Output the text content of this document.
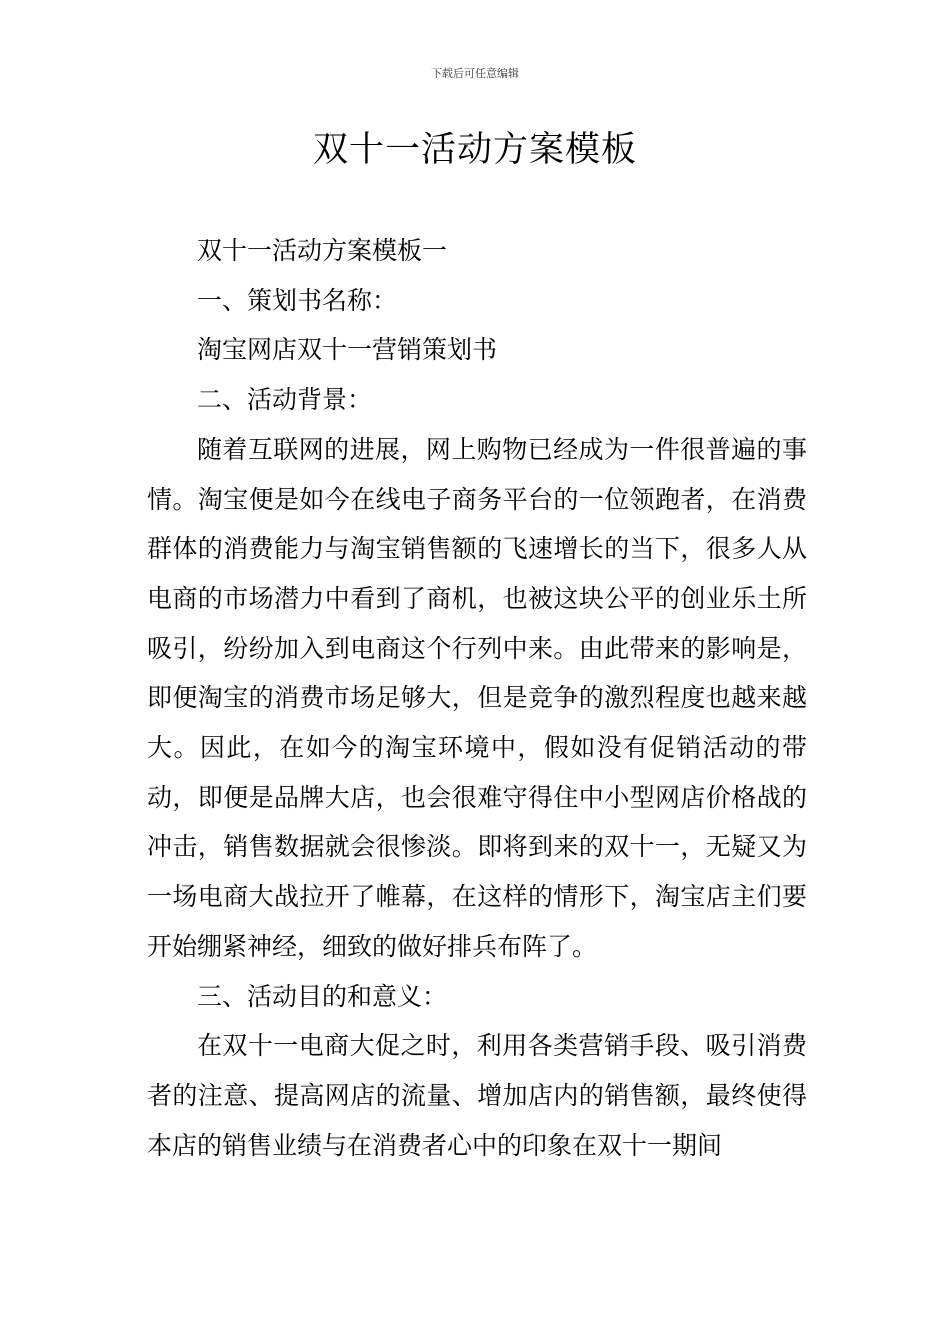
下载后可任意编辑
双十一活动方案模板

双十一活动方案模板一

一、策划书名称：

淘宝网店双十一营销策划书

二、活动背景：

随着互联网的进展，网上购物已经成为一件很普遍的事情。淘宝便是如今在线电子商务平台的一位领跑者，在消费群体的消费能力与淘宝销售额的飞速增长的当下，很多人从电商的市场潜力中看到了商机，也被这块公平的创业乐土所吸引，纷纷加入到电商这个行列中来。由此带来的影响是，即便淘宝的消费市场足够大，但是竞争的激烈程度也越来越大。因此，在如今的淘宝环境中，假如没有促销活动的带动，即便是品牌大店，也会很难守得住中小型网店价格战的冲击，销售数据就会很惨淡。即将到来的双十一，无疑又为一场电商大战拉开了帷幕，在这样的情形下，淘宝店主们要开始绷紧神经，细致的做好排兵布阵了。

三、活动目的和意义：

在双十一电商大促之时，利用各类营销手段、吸引消费者的注意、提高网店的流量、增加店内的销售额，最终使得本店的销售业绩与在消费者心中的印象在双十一期间
